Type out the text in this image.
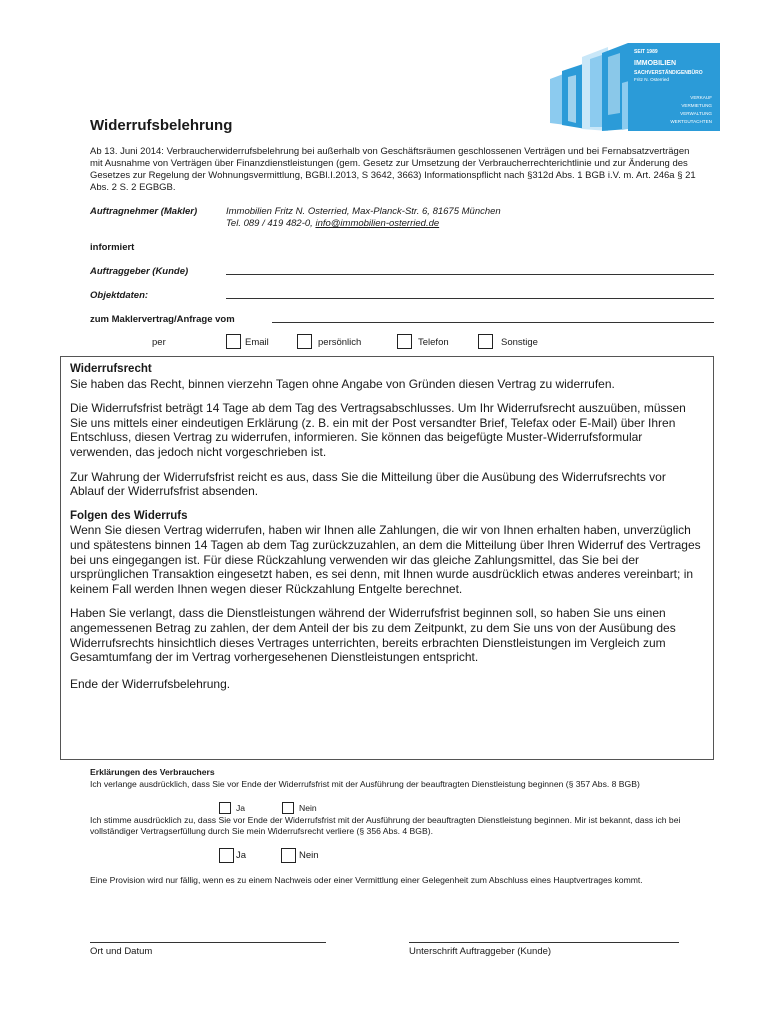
SEIT 1989
IMMOBILIEN
SACHVERSTÄNDIGENBÜRO
Fritz N. Osterried
VERKAUF
VERMIETUNG
VERWALTUNG
WERTGUTACHTEN
Widerrufsbelehrung
Ab 13. Juni 2014: Verbraucherwiderrufsbelehrung bei außerhalb von Geschäftsräumen geschlossenen Verträgen und bei Fernabsatzverträgen mit Ausnahme von Verträgen über Finanzdienstleistungen (gem. Gesetz zur Umsetzung der Verbraucherrechterichtlinie und zur Änderung des Gesetzes zur Regelung der Wohnungsvermittlung, BGBl.I.2013, S 3642, 3663) Informationspflicht nach §312d Abs. 1 BGB i.V. m. Art. 246a § 21 Abs. 2 S. 2 EGBGB.
Auftragnehmer (Makler)	Immobilien Fritz N. Osterried, Max-Planck-Str. 6, 81675 München
Tel. 089 / 419 482-0, info@immobilien-osterried.de
informiert
Auftraggeber (Kunde)
Objektdaten:
zum Maklervertrag/Anfrage vom
per	Email	persönlich	Telefon	Sonstige

Widerrufsrecht

Sie haben das Recht, binnen vierzehn Tagen ohne Angabe von Gründen diesen Vertrag zu widerrufen.

Die Widerrufsfrist beträgt 14 Tage ab dem Tag des Vertragsabschlusses. Um Ihr Widerrufsrecht auszuüben, müssen Sie uns mittels einer eindeutigen Erklärung (z. B. ein mit der Post versandter Brief, Telefax oder E-Mail) über Ihren Entschluss, diesen Vertrag zu widerrufen, informieren. Sie können das beigefügte Muster-Widerrufsformular verwenden, das jedoch nicht vorgeschrieben ist.

Zur Wahrung der Widerrufsfrist reicht es aus, dass Sie die Mitteilung über die Ausübung des Widerrufsrechts vor Ablauf der Widerrufsfrist absenden.

Folgen des Widerrufs

Wenn Sie diesen Vertrag widerrufen, haben wir Ihnen alle Zahlungen, die wir von Ihnen erhalten haben, unverzüglich und spätestens binnen 14 Tagen ab dem Tag zurückzuzahlen, an dem die Mitteilung über Ihren Widerruf des Vertrages bei uns eingegangen ist. Für diese Rückzahlung verwenden wir das gleiche Zahlungsmittel, das Sie bei der ursprünglichen Transaktion eingesetzt haben, es sei denn, mit Ihnen wurde ausdrücklich etwas anderes vereinbart; in keinem Fall werden Ihnen wegen dieser Rückzahlung Entgelte berechnet.

Haben Sie verlangt, dass die Dienstleistungen während der Widerrufsfrist beginnen soll, so haben Sie uns einen angemessenen Betrag zu zahlen, der dem Anteil der bis zu dem Zeitpunkt, zu dem Sie uns von der Ausübung des Widerrufsrechts hinsichtlich dieses Vertrages unterrichten, bereits erbrachten Dienstleistungen im Vergleich zum Gesamtumfang der im Vertrag vorhergesehenen Dienstleistungen entspricht.

Ende der Widerrufsbelehrung.

Erklärungen des Verbrauchers
Ich verlange ausdrücklich, dass Sie vor Ende der Widerrufsfrist mit der Ausführung der beauftragten Dienstleistung beginnen (§ 357 Abs. 8 BGB)
Ja	Nein
Ich stimme ausdrücklich zu, dass Sie vor Ende der Widerrufsfrist mit der Ausführung der beauftragten Dienstleistung beginnen. Mir ist bekannt, dass ich bei vollständiger Vertragserfüllung durch Sie mein Widerrufsrecht verliere (§ 356 Abs. 4 BGB).
Ja	Nein
Eine Provision wird nur fällig, wenn es zu einem Nachweis oder einer Vermittlung einer Gelegenheit zum Abschluss eines Hauptvertrages kommt.
Ort und Datum	Unterschrift Auftraggeber (Kunde)
